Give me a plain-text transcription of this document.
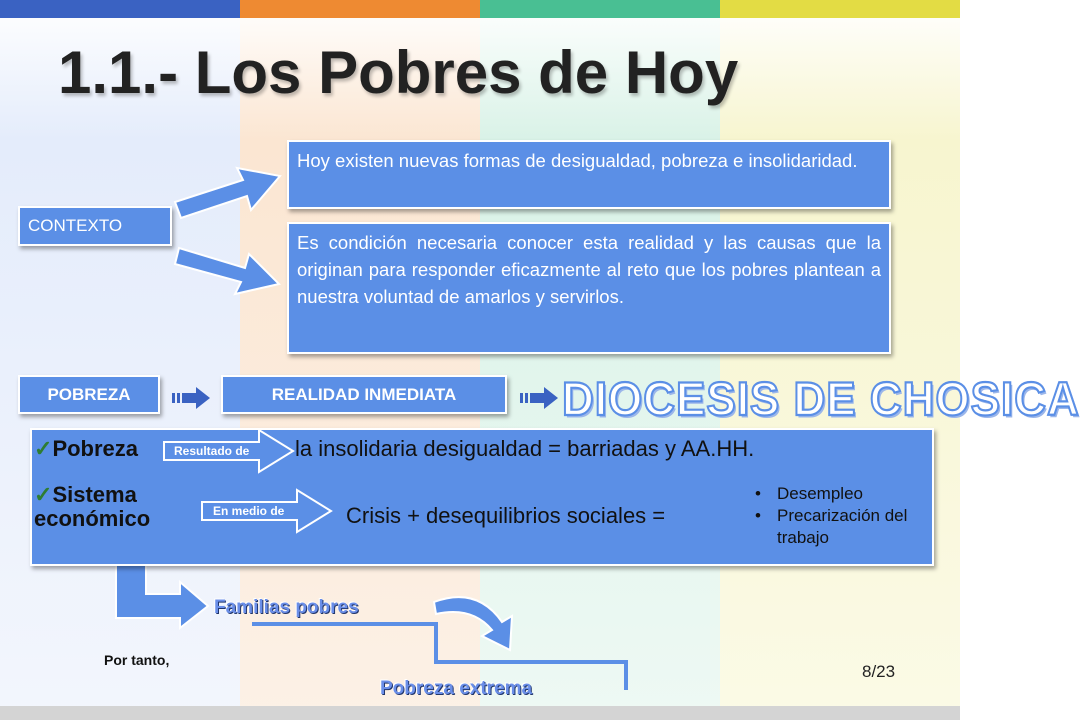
1.1.- Los Pobres de Hoy
CONTEXTO
Hoy existen nuevas formas de desigualdad, pobreza e insolidaridad.
Es condición necesaria conocer esta realidad y las causas que la originan para responder eficazmente al reto que los pobres plantean a nuestra voluntad de amarlos y servirlos.
POBREZA	REALIDAD INMEDIATA DIOCESIS DE CHOSICA
✓Pobreza	Resultado de la insolidaria desigualdad = barriadas y AA.HH.
✓Sistema económico	En medio de	Crisis + desequilibrios sociales =
• Desempleo
• Precarización del trabajo
Familias pobres
Por tanto,
Pobreza extrema
8/23
